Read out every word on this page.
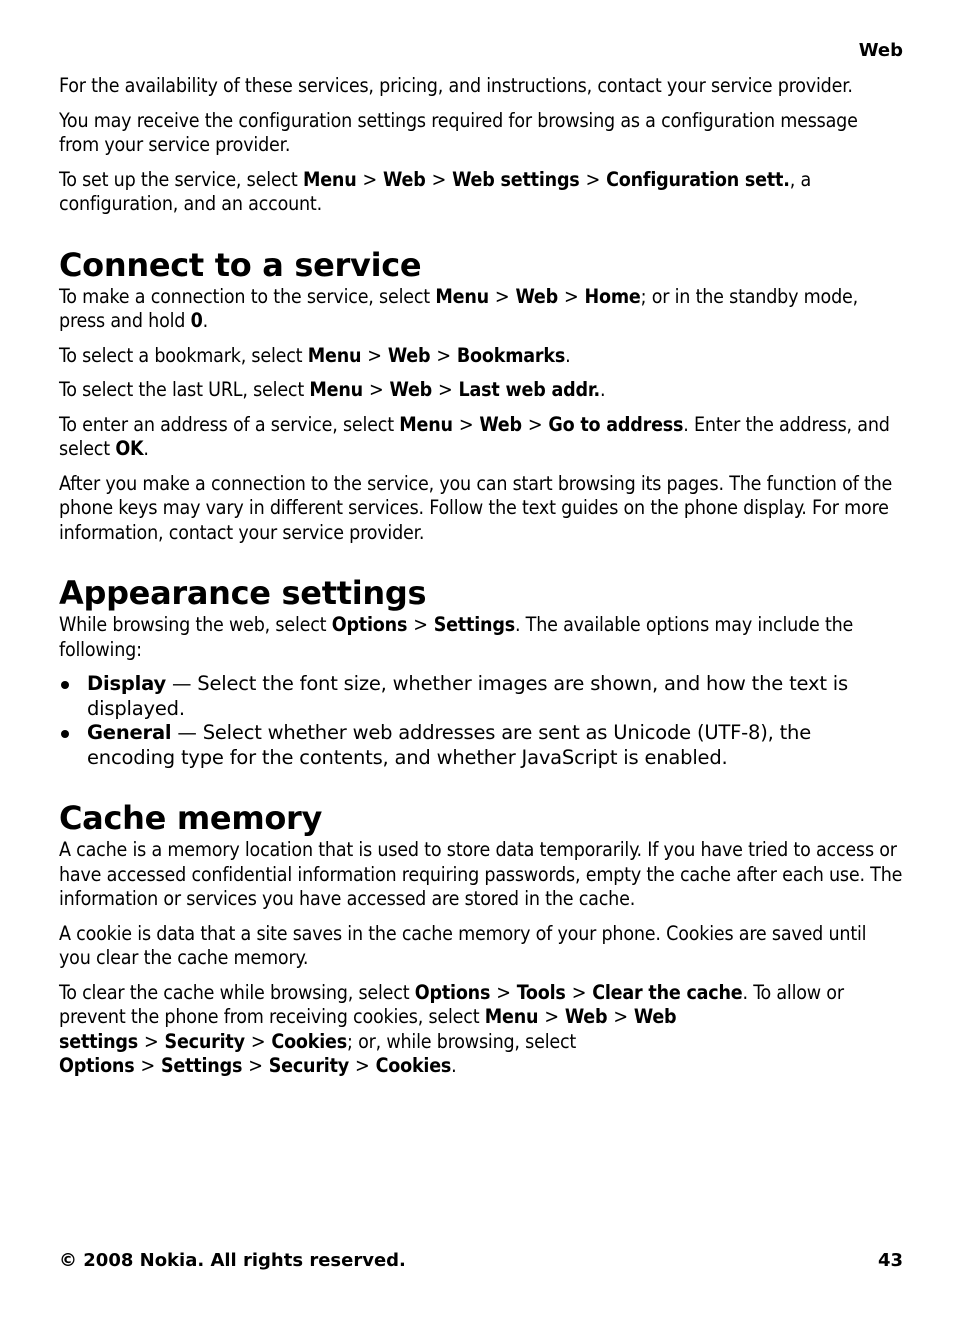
Web

For the availability of these services, pricing, and instructions, contact your service provider.

You may receive the configuration settings required for browsing as a configuration message from your service provider.

To set up the service, select Menu > Web > Web settings > Configuration sett., a configuration, and an account.

Connect to a service

To make a connection to the service, select Menu > Web > Home; or in the standby mode, press and hold 0.

To select a bookmark, select Menu > Web > Bookmarks.

To select the last URL, select Menu > Web > Last web addr..

To enter an address of a service, select Menu > Web > Go to address. Enter the address, and select OK.

After you make a connection to the service, you can start browsing its pages. The function of the phone keys may vary in different services. Follow the text guides on the phone display. For more information, contact your service provider.

Appearance settings

While browsing the web, select Options > Settings. The available options may include the following:

Display — Select the font size, whether images are shown, and how the text is displayed.
General — Select whether web addresses are sent as Unicode (UTF-8), the encoding type for the contents, and whether JavaScript is enabled.
Cache memory

A cache is a memory location that is used to store data temporarily. If you have tried to access or have accessed confidential information requiring passwords, empty the cache after each use. The information or services you have accessed are stored in the cache.

A cookie is data that a site saves in the cache memory of your phone. Cookies are saved until you clear the cache memory.

To clear the cache while browsing, select Options > Tools > Clear the cache. To allow or prevent the phone from receiving cookies, select Menu > Web > Web settings > Security > Cookies; or, while browsing, select Options > Settings > Security > Cookies.

© 2008 Nokia. All rights reserved.	43
